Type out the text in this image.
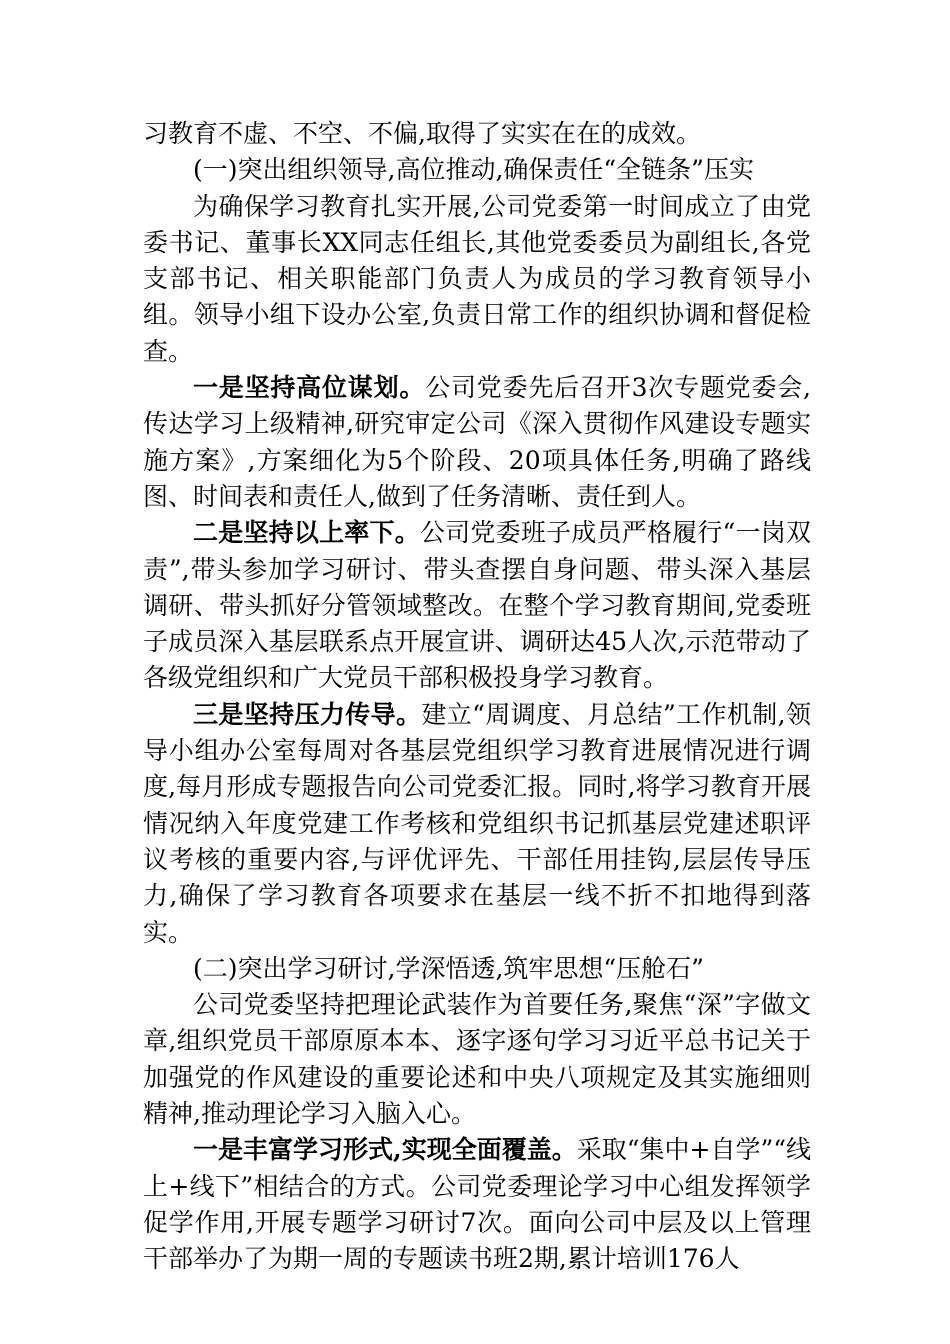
习教育不虚、不空、不偏,取得了实实在在的成效。

(一)突出组织领导,高位推动,确保责任“全链条”压实

为确保学习教育扎实开展,公司党委第一时间成立了由党委书记、董事长XX同志任组长,其他党委委员为副组长,各党支部书记、相关职能部门负责人为成员的学习教育领导小组。领导小组下设办公室,负责日常工作的组织协调和督促检查。

一是坚持高位谋划。公司党委先后召开3次专题党委会,传达学习上级精神,研究审定公司《深入贯彻作风建设专题实施方案》,方案细化为5个阶段、20项具体任务,明确了路线图、时间表和责任人,做到了任务清晰、责任到人。

二是坚持以上率下。公司党委班子成员严格履行“一岗双责”,带头参加学习研讨、带头查摆自身问题、带头深入基层调研、带头抓好分管领域整改。在整个学习教育期间,党委班子成员深入基层联系点开展宣讲、调研达45人次,示范带动了各级党组织和广大党员干部积极投身学习教育。

三是坚持压力传导。建立“周调度、月总结”工作机制,领导小组办公室每周对各基层党组织学习教育进展情况进行调度,每月形成专题报告向公司党委汇报。同时,将学习教育开展情况纳入年度党建工作考核和党组织书记抓基层党建述职评议考核的重要内容,与评优评先、干部任用挂钩,层层传导压力,确保了学习教育各项要求在基层一线不折不扣地得到落实。

(二)突出学习研讨,学深悟透,筑牢思想“压舱石”

公司党委坚持把理论武装作为首要任务,聚焦“深”字做文章,组织党员干部原原本本、逐字逐句学习习近平总书记关于加强党的作风建设的重要论述和中央八项规定及其实施细则精神,推动理论学习入脑入心。

一是丰富学习形式,实现全面覆盖。采取“集中+自学”“线上+线下”相结合的方式。公司党委理论学习中心组发挥领学促学作用,开展专题学习研讨7次。面向公司中层及以上管理干部举办了为期一周的专题读书班2期,累计培训176人
